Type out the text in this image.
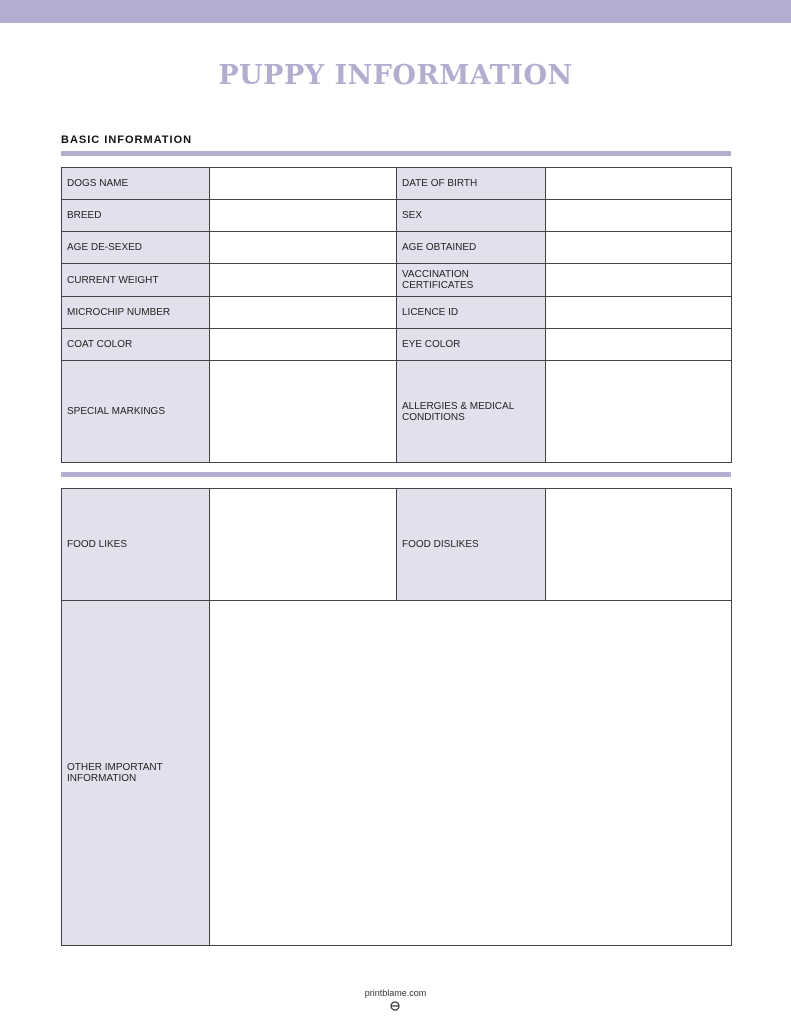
PUPPY INFORMATION
BASIC INFORMATION
DOGS NAME		DATE OF BIRTH	
BREED		SEX	
AGE DE-SEXED		AGE OBTAINED	
CURRENT WEIGHT		VACCINATION CERTIFICATES	
MICROCHIP NUMBER		LICENCE ID	
COAT COLOR		EYE COLOR	
SPECIAL MARKINGS		ALLERGIES & MEDICAL CONDITIONS	
FOOD LIKES		FOOD DISLIKES	
OTHER IMPORTANT INFORMATION			
printblame.com
